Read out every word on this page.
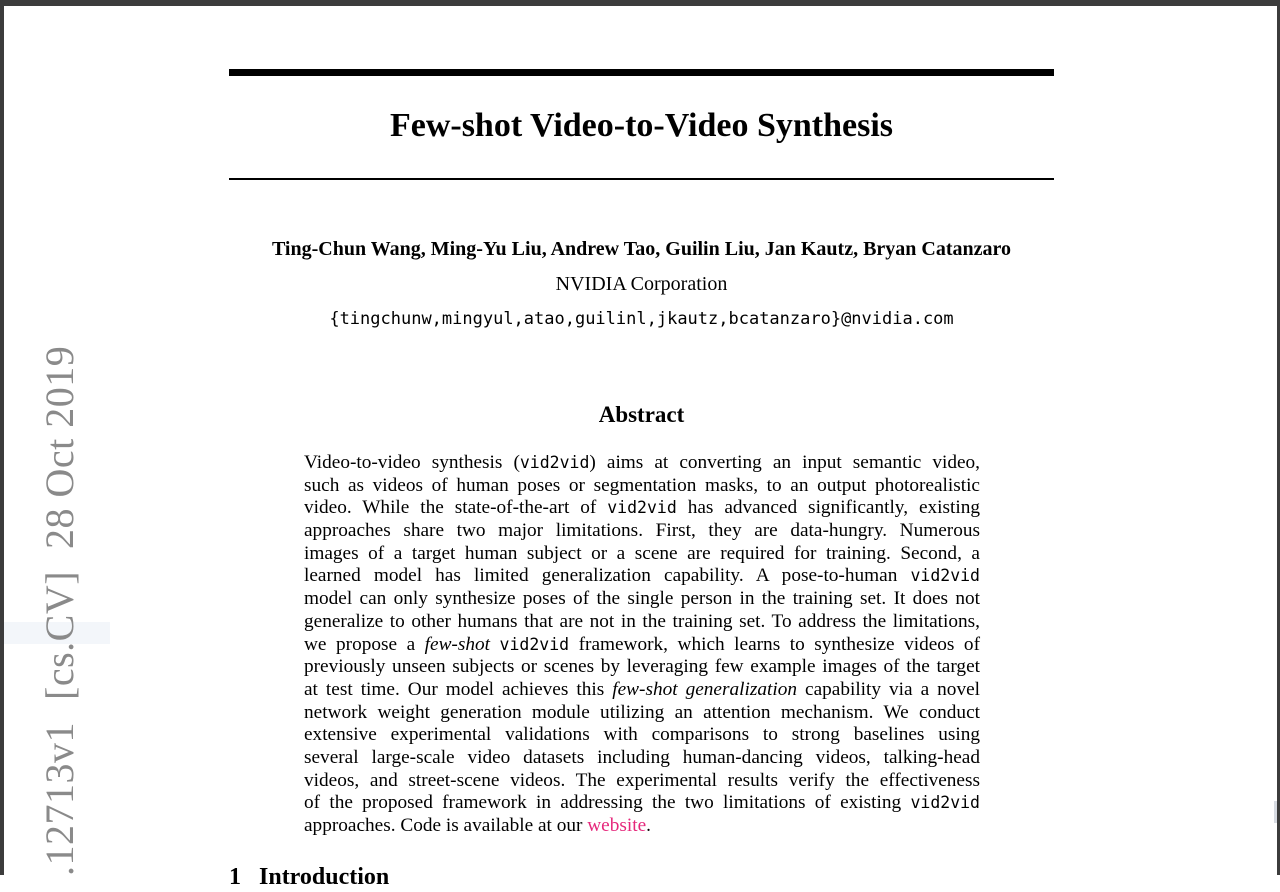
Few-shot Video-to-Video Synthesis
Ting-Chun Wang, Ming-Yu Liu, Andrew Tao, Guilin Liu, Jan Kautz, Bryan Catanzaro
NVIDIA Corporation
{tingchunw,mingyul,atao,guilinl,jkautz,bcatanzaro}@nvidia.com
Abstract
Video-to-video synthesis (vid2vid) aims at converting an input semantic video,
such as videos of human poses or segmentation masks, to an output photorealistic
video. While the state-of-the-art of vid2vid has advanced significantly, existing
approaches share two major limitations. First, they are data-hungry. Numerous
images of a target human subject or a scene are required for training. Second, a
learned model has limited generalization capability. A pose-to-human vid2vid
model can only synthesize poses of the single person in the training set. It does not
generalize to other humans that are not in the training set. To address the limitations,
we propose a few-shot vid2vid framework, which learns to synthesize videos of
previously unseen subjects or scenes by leveraging few example images of the target
at test time. Our model achieves this few-shot generalization capability via a novel
network weight generation module utilizing an attention mechanism. We conduct
extensive experimental validations with comparisons to strong baselines using
several large-scale video datasets including human-dancing videos, talking-head
videos, and street-scene videos. The experimental results verify the effectiveness
of the proposed framework in addressing the two limitations of existing vid2vid
approaches. Code is available at our website.
1 Introduction
.12713v1[cs.CV]28 Oct 2019
